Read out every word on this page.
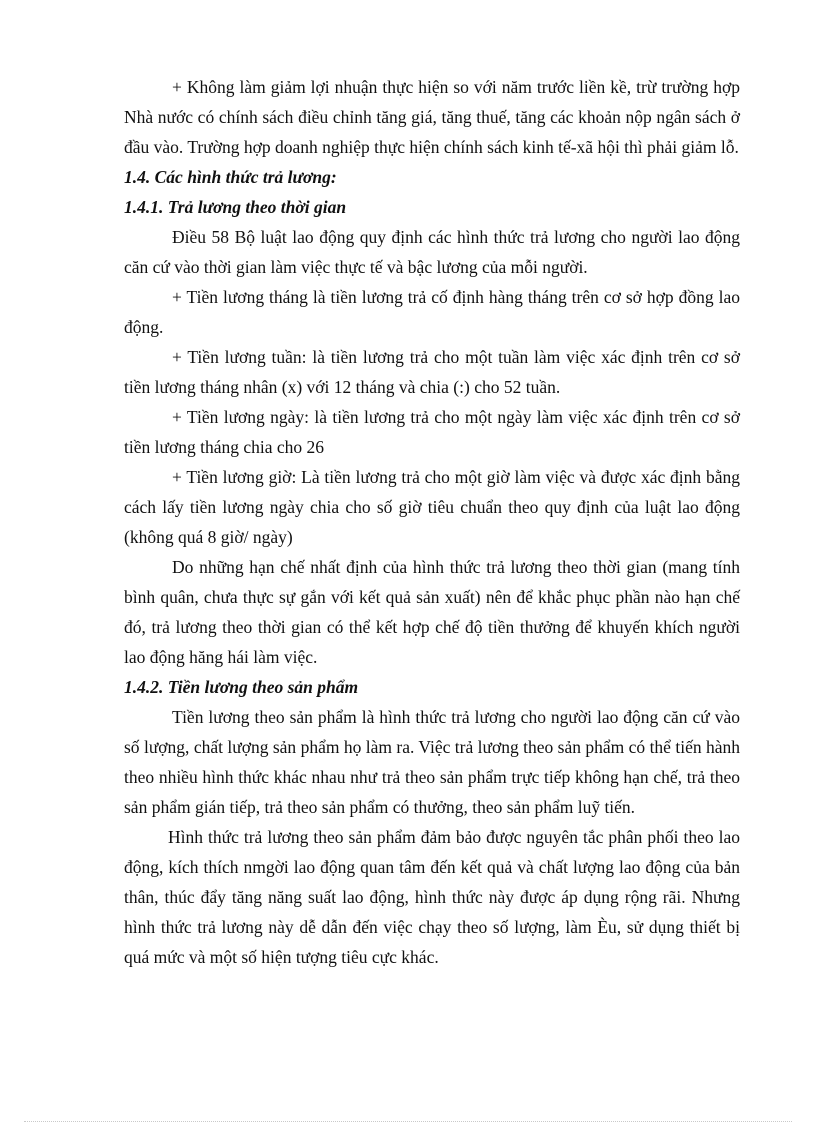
+ Không làm giảm lợi nhuận thực hiện so với năm trước liền kề, trừ trường hợp Nhà nước có chính sách điều chỉnh tăng giá, tăng thuế, tăng các khoản nộp ngân sách ở đầu vào. Trường hợp doanh nghiệp thực hiện chính sách kinh tế-xã hội thì phải giảm lỗ.

1.4. Các hình thức trả lương:

1.4.1. Trả lương theo thời gian

Điều 58 Bộ luật lao động quy định các hình thức trả lương cho người lao động căn cứ vào thời gian làm việc thực tế và bậc lương của mỗi người.

+ Tiền lương tháng là tiền lương trả cố định hàng tháng trên cơ sở hợp đồng lao động.

+ Tiền lương tuần: là tiền lương trả cho một tuần làm việc xác định trên cơ sở tiền lương tháng nhân (x) với 12 tháng và chia (:) cho 52 tuần.

+ Tiền lương ngày: là tiền lương trả cho một ngày làm việc xác định trên cơ sở tiền lương tháng chia cho 26

+ Tiền lương giờ: Là tiền lương trả cho một giờ làm việc và được xác định bằng cách lấy tiền lương ngày chia cho số giờ tiêu chuẩn theo quy định của luật lao động (không quá 8 giờ/ ngày)

Do những hạn chế nhất định của hình thức trả lương theo thời gian (mang tính bình quân, chưa thực sự gắn với kết quả sản xuất) nên để khắc phục phần nào hạn chế đó, trả lương theo thời gian có thể kết hợp chế độ tiền thưởng để khuyến khích người lao động hăng hái làm việc.

1.4.2. Tiền lương theo sản phẩm

Tiền lương theo sản phẩm là hình thức trả lương cho người lao động căn cứ vào số lượng, chất lượng sản phẩm họ làm ra. Việc trả lương theo sản phẩm có thể tiến hành theo nhiều hình thức khác nhau như trả theo sản phẩm trực tiếp không hạn chế, trả theo sản phẩm gián tiếp, trả theo sản phẩm có thưởng, theo sản phẩm luỹ tiến.

Hình thức trả lương theo sản phẩm đảm bảo được nguyên tắc phân phối theo lao động, kích thích nmgời lao động quan tâm đến kết quả và chất lượng lao động của bản thân, thúc đẩy tăng năng suất lao động, hình thức này được áp dụng rộng rãi. Nhưng hình thức trả lương này dễ dẫn đến việc chạy theo số lượng, làm Èu, sử dụng thiết bị quá mức và một số hiện tượng tiêu cực khác.
